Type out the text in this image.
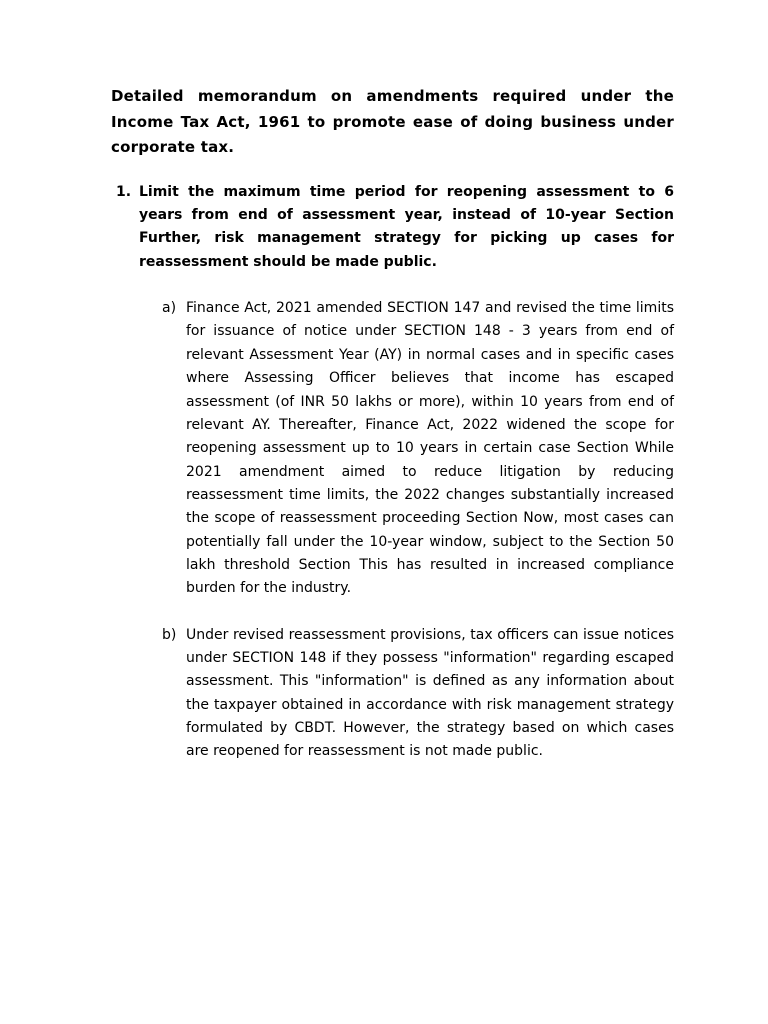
Detailed memorandum on amendments required under the Income Tax Act, 1961 to promote ease of doing business under corporate tax.

1. Limit the maximum time period for reopening assessment to 6 years from end of assessment year, instead of 10-year Section Further, risk management strategy for picking up cases for reassessment should be made public.

a) Finance Act, 2021 amended SECTION 147 and revised the time limits for issuance of notice under SECTION 148 - 3 years from end of relevant Assessment Year (AY) in normal cases and in specific cases where Assessing Officer believes that income has escaped assessment (of INR 50 lakhs or more), within 10 years from end of relevant AY. Thereafter, Finance Act, 2022 widened the scope for reopening assessment up to 10 years in certain case Section While 2021 amendment aimed to reduce litigation by reducing reassessment time limits, the 2022 changes substantially increased the scope of reassessment proceeding Section Now, most cases can potentially fall under the 10-year window, subject to the Section 50 lakh threshold Section This has resulted in increased compliance burden for the industry.

b) Under revised reassessment provisions, tax officers can issue notices under SECTION 148 if they possess "information" regarding escaped assessment. This "information" is defined as any information about the taxpayer obtained in accordance with risk management strategy formulated by CBDT. However, the strategy based on which cases are reopened for reassessment is not made public.
